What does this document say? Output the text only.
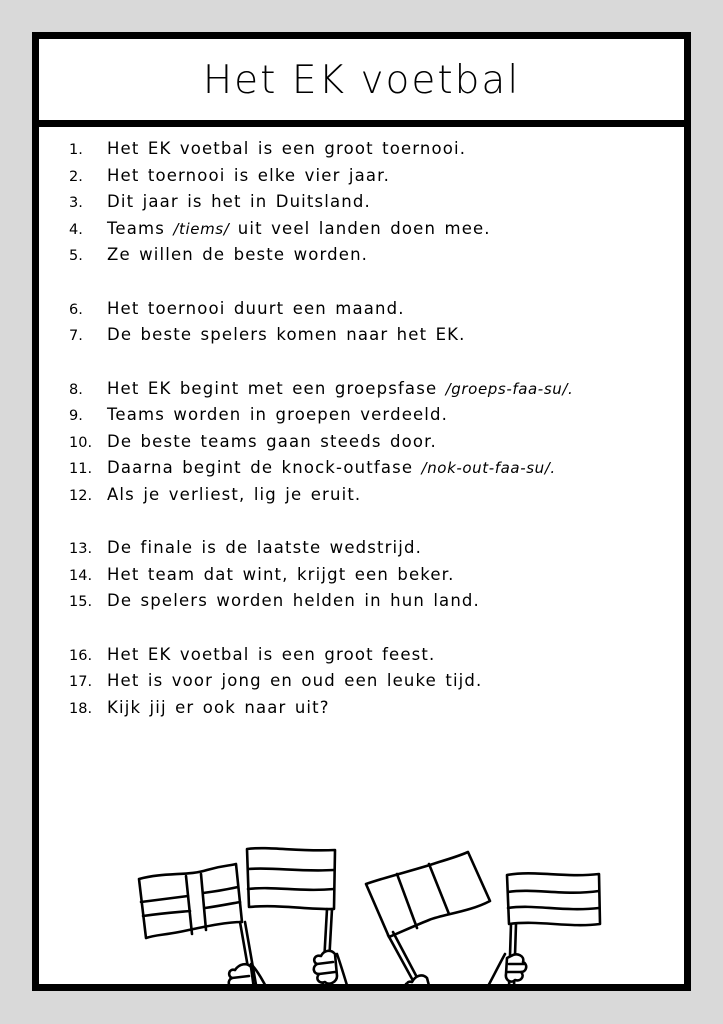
Het EK voetbal
1.	Het EK voetbal is een groot toernooi.
2.	Het toernooi is elke vier jaar.
3.	Dit jaar is het in Duitsland.
4.	Teams /tiems/ uit veel landen doen mee.
5.	Ze willen de beste worden.
6.	Het toernooi duurt een maand.
7.	De beste spelers komen naar het EK.
8.	Het EK begint met een groepsfase /groeps-faa-su/.
9.	Teams worden in groepen verdeeld.
10. De beste teams gaan steeds door.
11. Daarna begint de knock-outfase /nok-out-faa-su/.
12. Als je verliest, lig je eruit.
13. De finale is de laatste wedstrijd.
14. Het team dat wint, krijgt een beker.
15. De spelers worden helden in hun land.
16. Het EK voetbal is een groot feest.
17. Het is voor jong en oud een leuke tijd.
18. Kijk jij er ook naar uit?
